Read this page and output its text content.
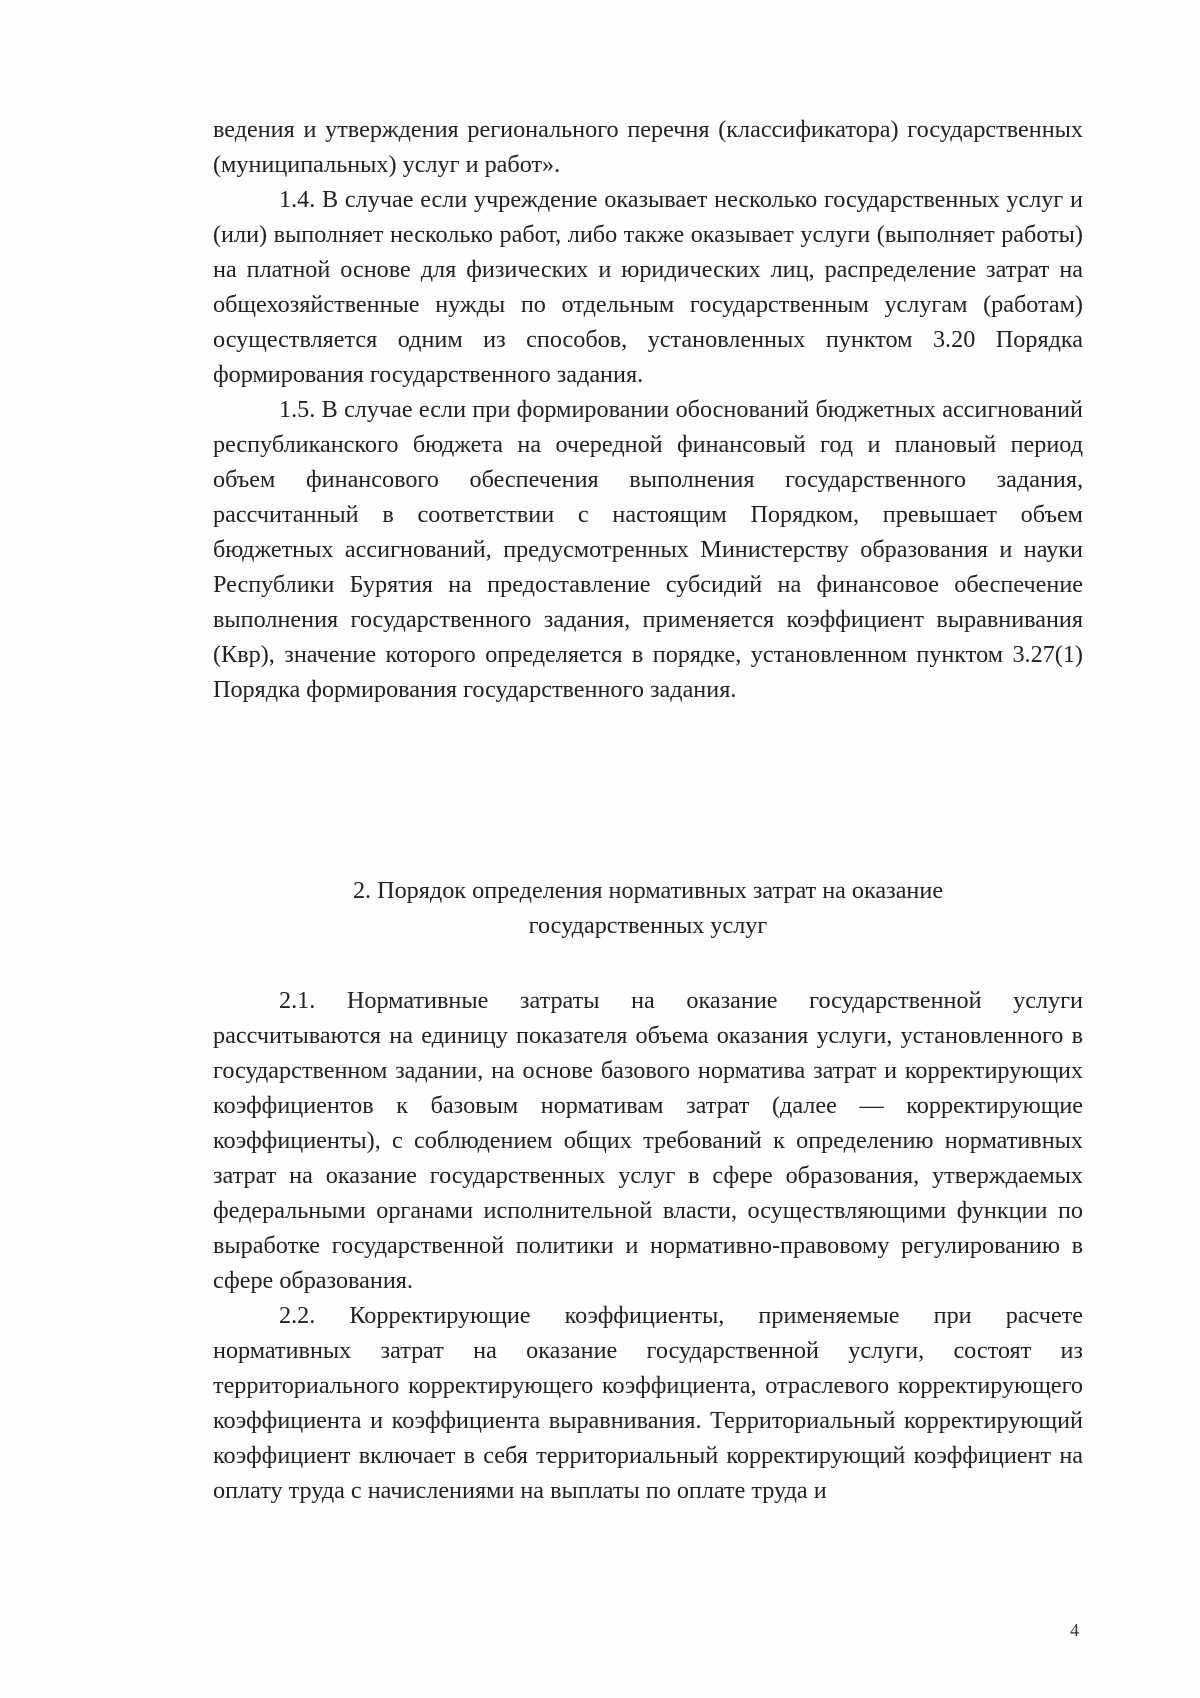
ведения и утверждения регионального перечня (классификатора) государственных (муниципальных) услуг и работ».

1.4. В случае если учреждение оказывает несколько государственных услуг и (или) выполняет несколько работ, либо также оказывает услуги (выполняет работы) на платной основе для физических и юридических лиц, распределение затрат на общехозяйственные нужды по отдельным государственным услугам (работам) осуществляется одним из способов, установленных пунктом 3.20 Порядка формирования государственного задания.

1.5. В случае если при формировании обоснований бюджетных ассигнований республиканского бюджета на очередной финансовый год и плановый период объем финансового обеспечения выполнения государственного задания, рассчитанный в соответствии с настоящим Порядком, превышает объем бюджетных ассигнований, предусмотренных Министерству образования и науки Республики Бурятия на предоставление субсидий на финансовое обеспечение выполнения государственного задания, применяется коэффициент выравнивания (Квр), значение которого определяется в порядке, установленном пунктом 3.27(1) Порядка формирования государственного задания.

2. Порядок определения нормативных затрат на оказание
государственных услуг

2.1. Нормативные затраты на оказание государственной услуги рассчитываются на единицу показателя объема оказания услуги, установленного в государственном задании, на основе базового норматива затрат и корректирующих коэффициентов к базовым нормативам затрат (далее — корректирующие коэффициенты), с соблюдением общих требований к определению нормативных затрат на оказание государственных услуг в сфере образования, утверждаемых федеральными органами исполнительной власти, осуществляющими функции по выработке государственной политики и нормативно-правовому регулированию в сфере образования.

2.2. Корректирующие коэффициенты, применяемые при расчете нормативных затрат на оказание государственной услуги, состоят из территориального корректирующего коэффициента, отраслевого корректирующего коэффициента и коэффициента выравнивания. Территориальный корректирующий коэффициент включает в себя территориальный корректирующий коэффициент на оплату труда с начислениями на выплаты по оплате труда и

4
